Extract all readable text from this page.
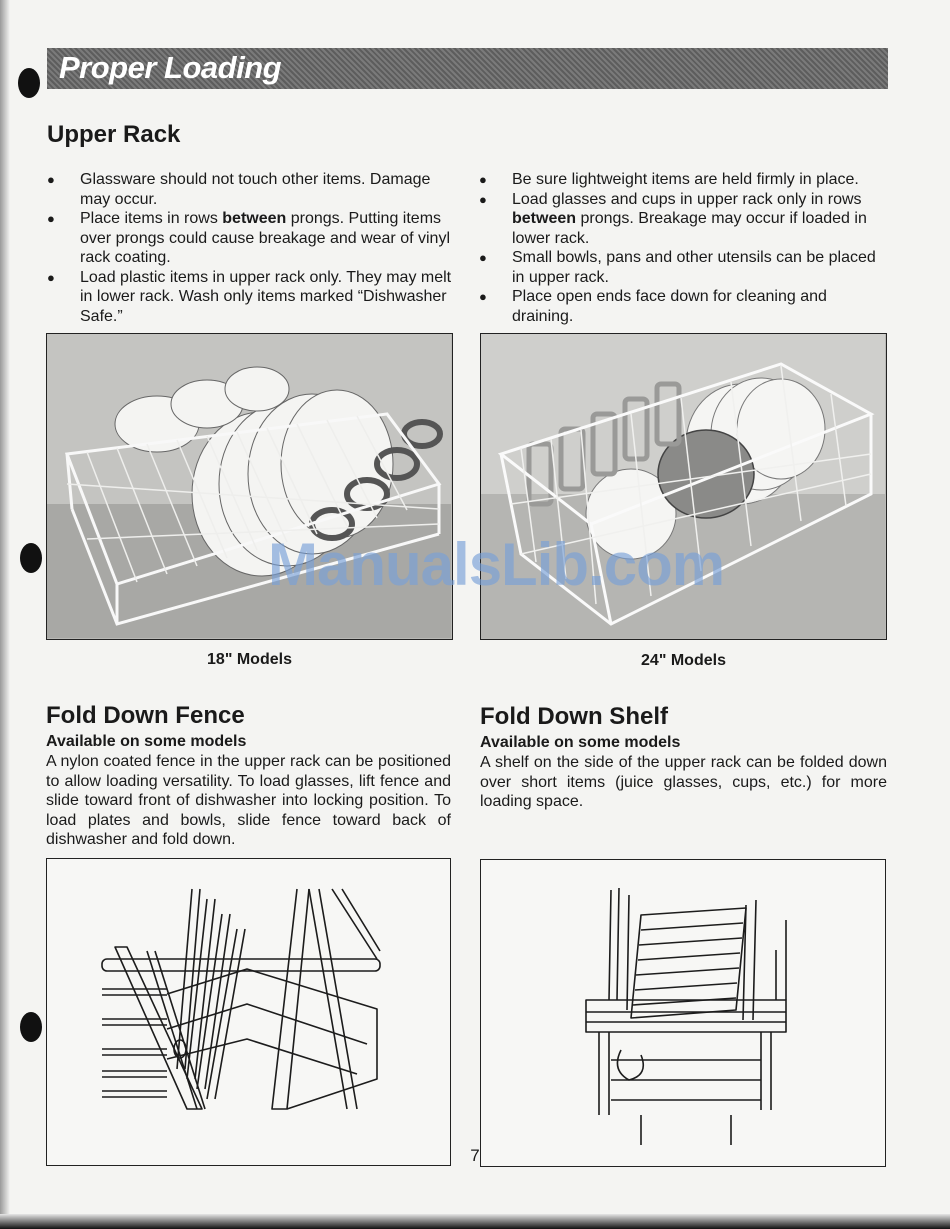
Proper Loading
Upper Rack
● Glassware should not touch other items. Damage may occur.
● Place items in rows between prongs. Putting items over prongs could cause breakage and wear of vinyl rack coating.
● Load plastic items in upper rack only. They may melt in lower rack. Wash only items marked “Dishwasher Safe.”
● Be sure lightweight items are held firmly in place.
● Load glasses and cups in upper rack only in rows between prongs. Breakage may occur if loaded in lower rack.
● Small bowls, pans and other utensils can be placed in upper rack.
● Place open ends face down for cleaning and draining.
18" Models	24" Models
ManualsLib.com
Fold Down Fence
Available on some models

A nylon coated fence in the upper rack can be positioned to allow loading versatility. To load glasses, lift fence and slide toward front of dishwasher into locking position. To load plates and bowls, slide fence toward back of dishwasher and fold down.

Fold Down Shelf
Available on some models

A shelf on the side of the upper rack can be folded down over short items (juice glasses, cups, etc.) for more loading space.

7
